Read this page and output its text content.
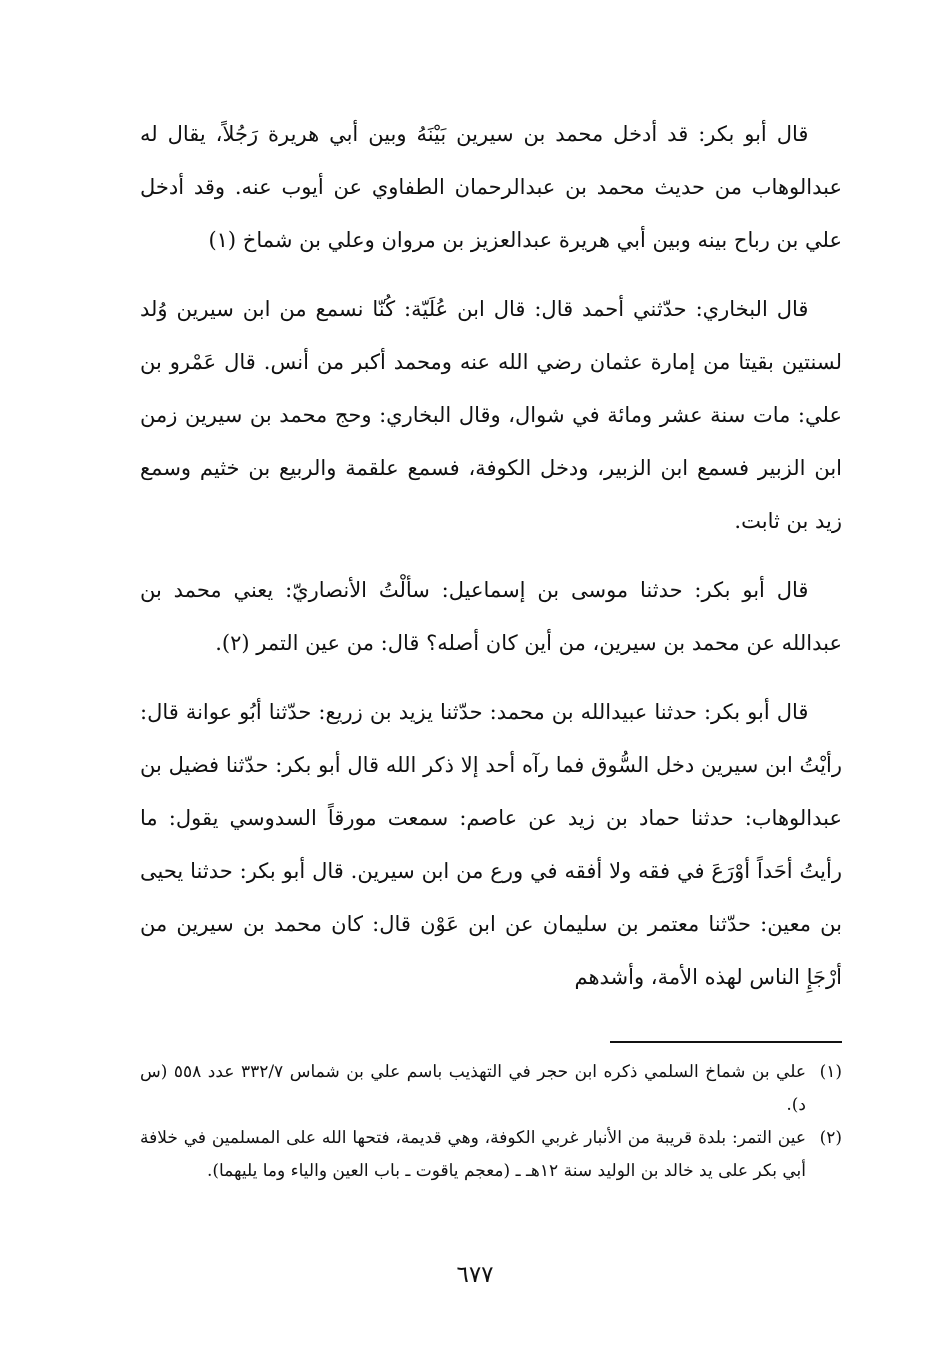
قال أبو بكر: قد أدخل محمد بن سيرين بَيْنَهُ وبين أبي هريرة رَجُلاً، يقال له عبدالوهاب من حديث محمد بن عبدالرحمان الطفاوي عن أيوب عنه. وقد أدخل علي بن رباح بينه وبين أبي هريرة عبدالعزيز بن مروان وعلي بن شماخ (١)

قال البخاري: حدّثني أحمد قال: قال ابن عُلَيّة: كُنّا نسمع من ابن سيرين وُلد لسنتين بقيتا من إمارة عثمان رضي الله عنه ومحمد أكبر من أنس. قال عَمْرو بن علي: مات سنة عشر ومائة في شوال، وقال البخاري: وحج محمد بن سيرين زمن ابن الزبير فسمع ابن الزبير، ودخل الكوفة، فسمع علقمة والربيع بن خثيم وسمع زيد بن ثابت.

قال أبو بكر: حدثنا موسى بن إسماعيل: سألْتُ الأنصاريّ: يعني محمد بن عبدالله عن محمد بن سيرين، من أين كان أصله؟ قال: من عين التمر (٢).

قال أبو بكر: حدثنا عبيدالله بن محمد: حدّثنا يزيد بن زريع: حدّثنا أبُو عوانة قال: رأيْتُ ابن سيرين دخل السُّوق فما رآه أحد إلا ذكر الله قال أبو بكر: حدّثنا فضيل بن عبدالوهاب: حدثنا حماد بن زيد عن عاصم: سمعت مورقاً السدوسي يقول: ما رأيتُ أحَداً أوْرَعَ في فقه ولا أفقه في ورع من ابن سيرين. قال أبو بكر: حدثنا يحيى بن معين: حدّثنا معتمر بن سليمان عن ابن عَوْن قال: كان محمد بن سيرين من أرْجَإِ الناس لهذه الأمة، وأشدهم

(١)
علي بن شماخ السلمي ذكره ابن حجر في التهذيب باسم علي بن شماس ٣٣٢/٧ عدد ٥٥٨ (س د).
(٢)
عين التمر: بلدة قريبة من الأنبار غربي الكوفة، وهي قديمة، فتحها الله على المسلمين في خلافة أبي بكر على يد خالد بن الوليد سنة ١٢هـ ـ (معجم ياقوت ـ باب العين والياء وما يليهما).
٦٧٧
